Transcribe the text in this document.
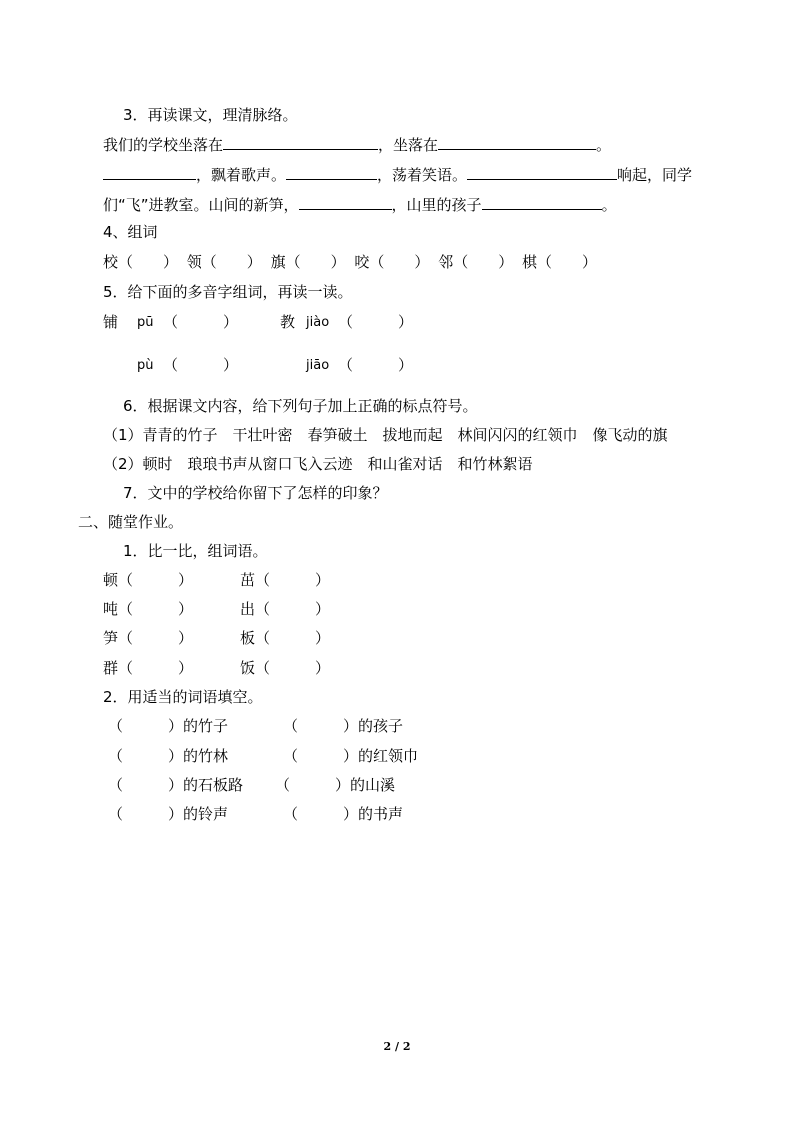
3．再读课文，理清脉络。
我们的学校坐落在	，坐落在	。
，飘着歌声。	，荡着笑语。	响起，同学
们“飞”进教室。山间的新笋，	，山里的孩子	。
4、组词
校（　　） 领（　　） 旗（　　） 咬（　　） 邻（　　） 棋（　　）
5．给下面的多音字组词，再读一读。
铺 pū （　　　）	教 jiào （　　　）
pù （　　　）	jiāo （　　　）
6．根据课文内容，给下列句子加上正确的标点符号。
（1）青青的竹子　干壮叶密　春笋破土　拔地而起　林间闪闪的红领巾　像飞动的旗
（2）顿时　琅琅书声从窗口飞入云迹　和山雀对话　和竹林絮语
7．文中的学校给你留下了怎样的印象？
二、随堂作业。
1．比一比，组词语。
顿（　　　）	茁（　　　）
吨（　　　）	出（　　　）
笋（　　　）	板（　　　）
群（　　　）	饭（　　　）
2．用适当的词语填空。
（　　　）的竹子	（　　　）的孩子
（　　　）的竹林	（　　　）的红领巾
（　　　）的石板路 （　　　）的山溪
（　　　）的铃声	（　　　）的书声
2 / 2
